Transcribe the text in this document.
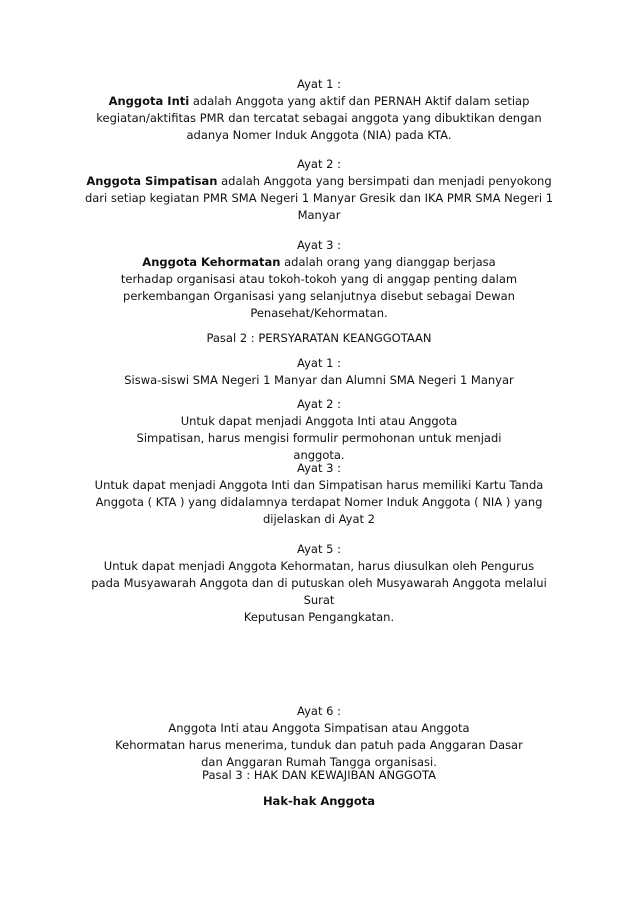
Ayat 1 :
Anggota Inti adalah Anggota yang aktif dan PERNAH Aktif dalam setiap
kegiatan/aktifitas PMR dan tercatat sebagai anggota yang dibuktikan dengan
adanya Nomer Induk Anggota (NIA) pada KTA.
Ayat 2 :
Anggota Simpatisan adalah Anggota yang bersimpati dan menjadi penyokong
dari setiap kegiatan PMR SMA Negeri 1 Manyar Gresik dan IKA PMR SMA Negeri 1
Manyar
Ayat 3 :
Anggota Kehormatan adalah orang yang dianggap berjasa
terhadap organisasi atau tokoh-tokoh yang di anggap penting dalam
perkembangan Organisasi yang selanjutnya disebut sebagai Dewan
Penasehat/Kehormatan.
Pasal 2 : PERSYARATAN KEANGGOTAAN
Ayat 1 :
Siswa-siswi SMA Negeri 1 Manyar dan Alumni SMA Negeri 1 Manyar
Ayat 2 :
Untuk dapat menjadi Anggota Inti atau Anggota
Simpatisan, harus mengisi formulir permohonan untuk menjadi
anggota.
Ayat 3 :
Untuk dapat menjadi Anggota Inti dan Simpatisan harus memiliki Kartu Tanda
Anggota ( KTA ) yang didalamnya terdapat Nomer Induk Anggota ( NIA ) yang
dijelaskan di Ayat 2
Ayat 5 :
Untuk dapat menjadi Anggota Kehormatan, harus diusulkan oleh Pengurus
pada Musyawarah Anggota dan di putuskan oleh Musyawarah Anggota melalui
Surat
Keputusan Pengangkatan.
Ayat 6 :
Anggota Inti atau Anggota Simpatisan atau Anggota
Kehormatan harus menerima, tunduk dan patuh pada Anggaran Dasar
dan Anggaran Rumah Tangga organisasi.
Pasal 3 : HAK DAN KEWAJIBAN ANGGOTA
Hak-hak Anggota
